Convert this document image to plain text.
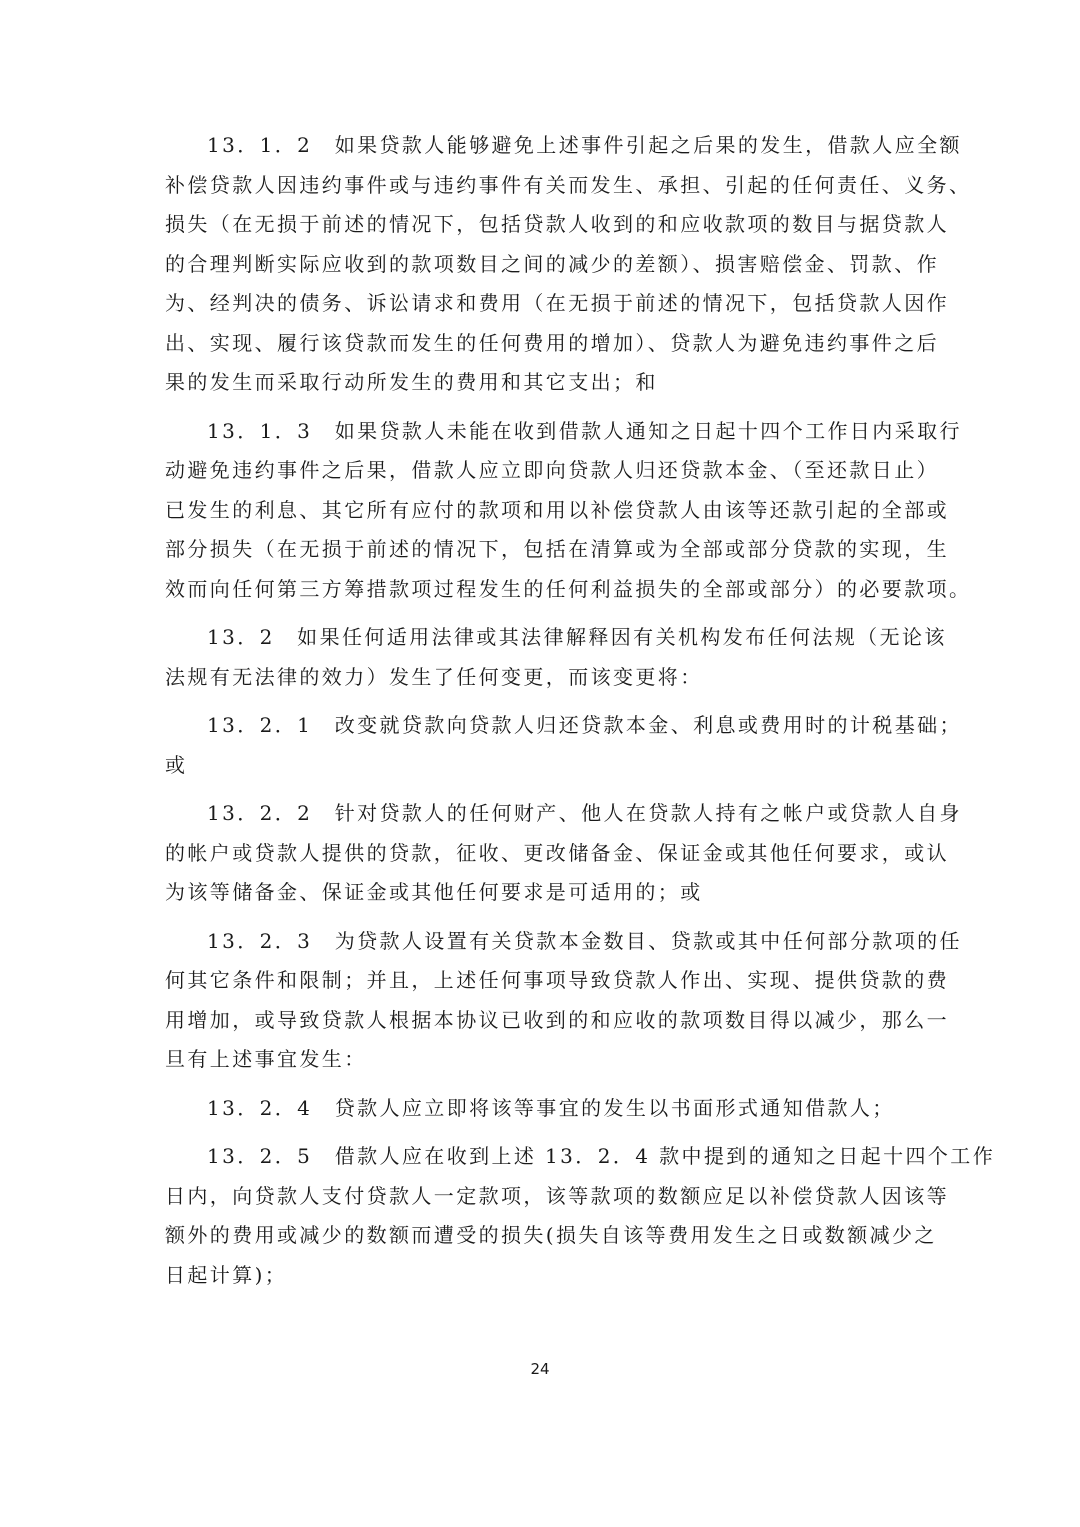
13．1．2　如果贷款人能够避免上述事件引起之后果的发生，借款人应全额
补偿贷款人因违约事件或与违约事件有关而发生、承担、引起的任何责任、义务、
损失（在无损于前述的情况下，包括贷款人收到的和应收款项的数目与据贷款人
的合理判断实际应收到的款项数目之间的减少的差额）、损害赔偿金、罚款、作
为、经判决的债务、诉讼请求和费用（在无损于前述的情况下，包括贷款人因作
出、实现、履行该贷款而发生的任何费用的增加）、贷款人为避免违约事件之后
果的发生而采取行动所发生的费用和其它支出；和

13．1．3　如果贷款人未能在收到借款人通知之日起十四个工作日内采取行
动避免违约事件之后果，借款人应立即向贷款人归还贷款本金、（至还款日止）
已发生的利息、其它所有应付的款项和用以补偿贷款人由该等还款引起的全部或
部分损失（在无损于前述的情况下，包括在清算或为全部或部分贷款的实现，生
效而向任何第三方筹措款项过程发生的任何利益损失的全部或部分）的必要款项。

13．2　如果任何适用法律或其法律解释因有关机构发布任何法规（无论该
法规有无法律的效力）发生了任何变更，而该变更将：

13．2．1　改变就贷款向贷款人归还贷款本金、利息或费用时的计税基础；
或

13．2．2　针对贷款人的任何财产、他人在贷款人持有之帐户或贷款人自身
的帐户或贷款人提供的贷款，征收、更改储备金、保证金或其他任何要求，或认
为该等储备金、保证金或其他任何要求是可适用的；或

13．2．3　为贷款人设置有关贷款本金数目、贷款或其中任何部分款项的任
何其它条件和限制；并且，上述任何事项导致贷款人作出、实现、提供贷款的费
用增加，或导致贷款人根据本协议已收到的和应收的款项数目得以减少，那么一
旦有上述事宜发生：

13．2．4　贷款人应立即将该等事宜的发生以书面形式通知借款人；

13．2．5　借款人应在收到上述 13．2．4 款中提到的通知之日起十四个工作
日内，向贷款人支付贷款人一定款项，该等款项的数额应足以补偿贷款人因该等
额外的费用或减少的数额而遭受的损失(损失自该等费用发生之日或数额减少之
日起计算)；

24
